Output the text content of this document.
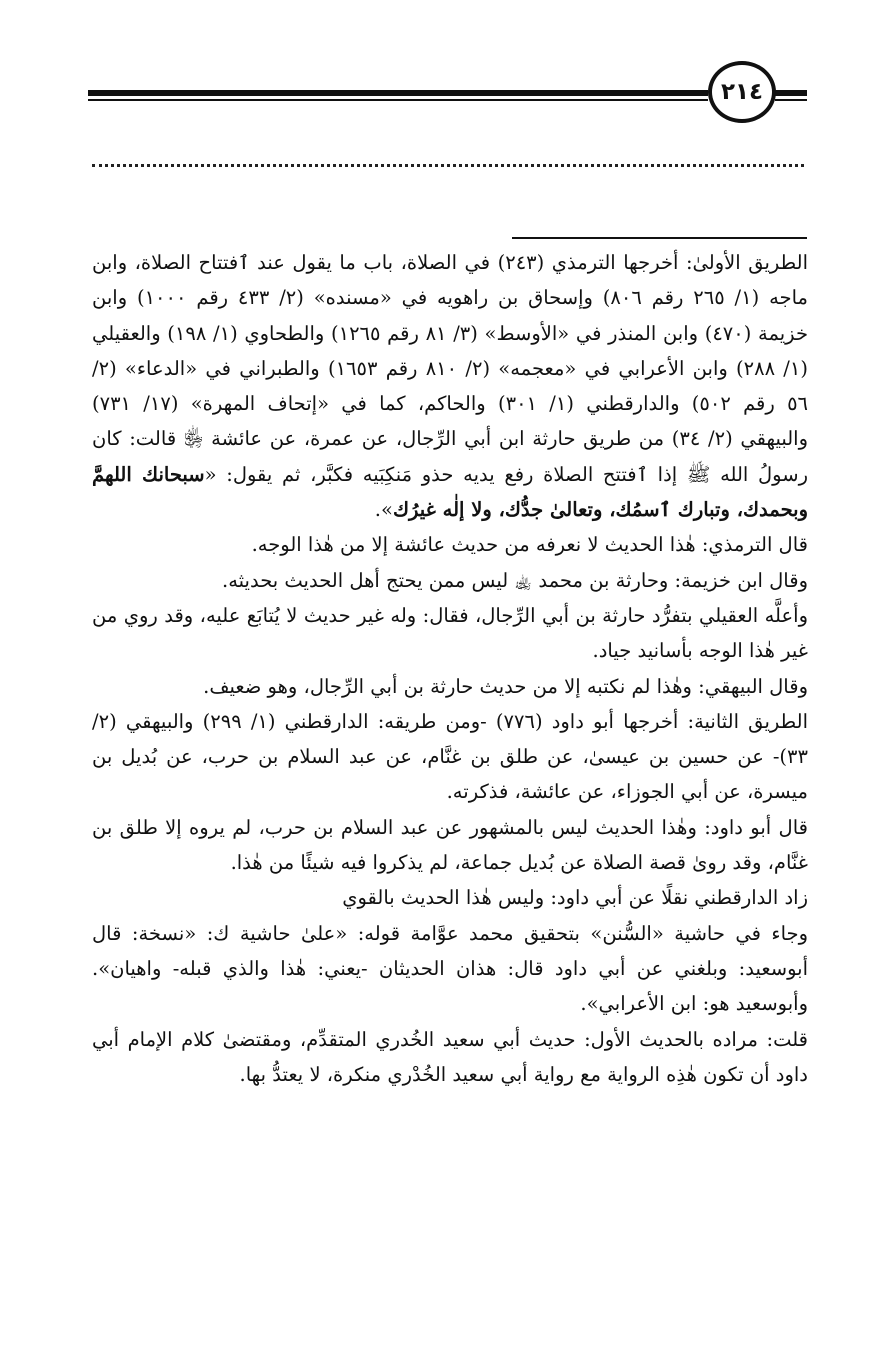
٢١٤

الطريق الأولىٰ: أخرجها الترمذي (٢٤٣) في الصلاة، باب ما يقول عند ٱفتتاح الصلاة، وابن ماجه (١/ ٢٦٥ رقم ٨٠٦) وإسحاق بن راهويه في «مسنده» (٢/ ٤٣٣ رقم ١٠٠٠) وابن خزيمة (٤٧٠) وابن المنذر في «الأوسط» (٣/ ٨١ رقم ١٢٦٥) والطحاوي (١/ ١٩٨) والعقيلي (١/ ٢٨٨) وابن الأعرابي في «معجمه» (٢/ ٨١٠ رقم ١٦٥٣) والطبراني في «الدعاء» (٢/ ٥٦ رقم ٥٠٢) والدارقطني (١/ ٣٠١) والحاكم، كما في «إتحاف المهرة» (١٧/ ٧٣١) والبيهقي (٢/ ٣٤) من طريق حارثة ابن أبي الرِّجال، عن عمرة، عن عائشة ﵂ قالت: كان رسولُ الله ﷺ إذا ٱفتتح الصلاة رفع يديه حذو مَنكِبَيه فكبَّر، ثم يقول: «سبحانك اللهمَّ وبحمدك، وتبارك ٱسمُك، وتعالىٰ جدُّك، ولا إلٰه غيرُك».

قال الترمذي: هٰذا الحديث لا نعرفه من حديث عائشة إلا من هٰذا الوجه.

وقال ابن خزيمة: وحارثة بن محمد ﵀ ليس ممن يحتج أهل الحديث بحديثه.

وأعلَّه العقيلي بتفرُّد حارثة بن أبي الرِّجال، فقال: وله غير حديث لا يُتابَع عليه، وقد روي من غير هٰذا الوجه بأسانيد جياد.

وقال البيهقي: وهٰذا لم نكتبه إلا من حديث حارثة بن أبي الرِّجال، وهو ضعيف.

الطريق الثانية: أخرجها أبو داود (٧٧٦) -ومن طريقه: الدارقطني (١/ ٢٩٩) والبيهقي (٢/ ٣٣)- عن حسين بن عيسىٰ، عن طلق بن غنَّام، عن عبد السلام بن حرب، عن بُديل بن ميسرة، عن أبي الجوزاء، عن عائشة، فذكرته.

قال أبو داود: وهٰذا الحديث ليس بالمشهور عن عبد السلام بن حرب، لم يروه إلا طلق بن غنَّام، وقد روىٰ قصة الصلاة عن بُديل جماعة، لم يذكروا فيه شيئًا من هٰذا.

زاد الدارقطني نقلًا عن أبي داود: وليس هٰذا الحديث بالقوي

وجاء في حاشية «السُّنن» بتحقيق محمد عوَّامة قوله: «علىٰ حاشية ك: «نسخة: قال أبوسعيد: وبلغني عن أبي داود قال: هذان الحديثان -يعني: هٰذا والذي قبله- واهيان». وأبوسعيد هو: ابن الأعرابي».

قلت: مراده بالحديث الأول: حديث أبي سعيد الخُدري المتقدِّم، ومقتضىٰ كلام الإمام أبي داود أن تكون هٰذِه الرواية مع رواية أبي سعيد الخُدْري منكرة، لا يعتدُّ بها.
